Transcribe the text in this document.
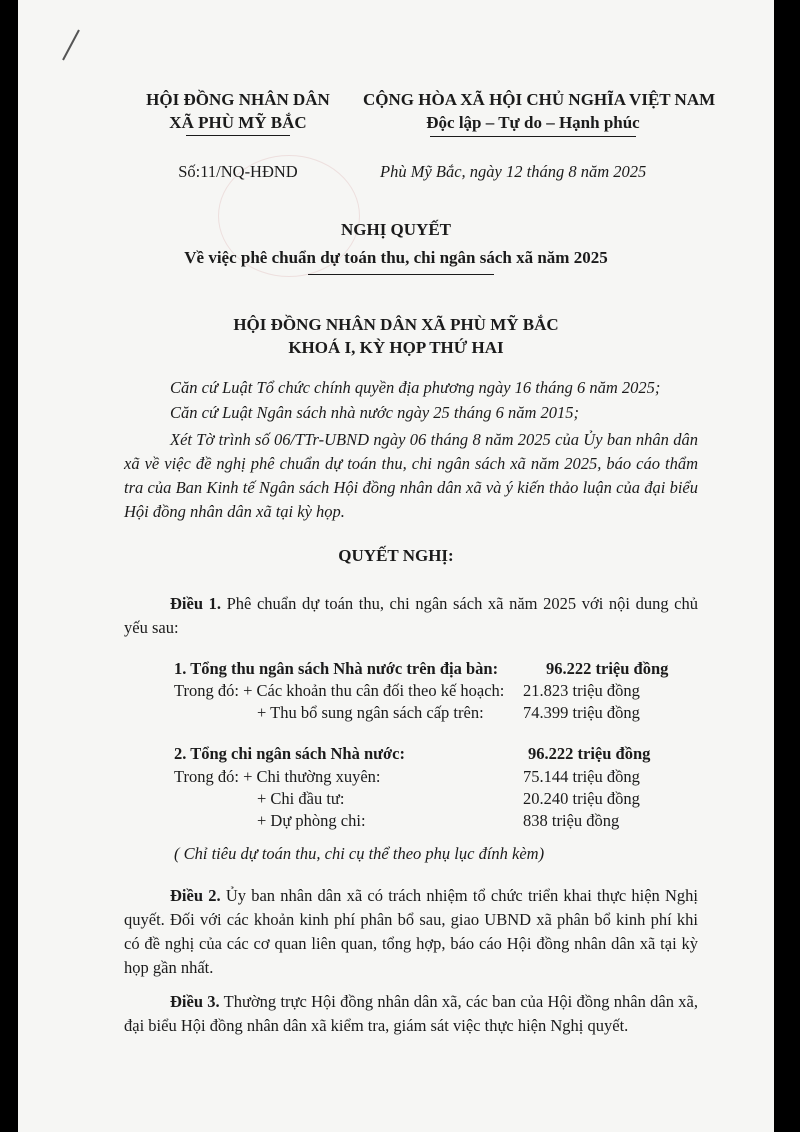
HỘI ĐỒNG NHÂN DÂN
XÃ PHÙ MỸ BẮC
CỘNG HÒA XÃ HỘI CHỦ NGHĨA VIỆT NAM
Độc lập – Tự do – Hạnh phúc
Số:11/NQ-HĐND	Phù Mỹ Bắc, ngày 12 tháng 8 năm 2025
NGHỊ QUYẾT
Về việc phê chuẩn dự toán thu, chi ngân sách xã năm 2025
HỘI ĐỒNG NHÂN DÂN XÃ PHÙ MỸ BẮC
KHOÁ I, KỲ HỌP THỨ HAI
Căn cứ Luật Tổ chức chính quyền địa phương ngày 16 tháng 6 năm 2025;
Căn cứ Luật Ngân sách nhà nước ngày 25 tháng 6 năm 2015;
Xét Tờ trình số 06/TTr-UBND ngày 06 tháng 8 năm 2025 của Ủy ban nhân dân xã về việc đề nghị phê chuẩn dự toán thu, chi ngân sách xã năm 2025, báo cáo thẩm tra của Ban Kinh tế Ngân sách Hội đồng nhân dân xã và ý kiến thảo luận của đại biểu Hội đồng nhân dân xã tại kỳ họp.
QUYẾT NGHỊ:
Điều 1. Phê chuẩn dự toán thu, chi ngân sách xã năm 2025 với nội dung chủ yếu sau:
1. Tổng thu ngân sách Nhà nước trên địa bàn:	96.222 triệu đồng
Trong đó: + Các khoản thu cân đối theo kế hoạch: 21.823 triệu đồng
+ Thu bổ sung ngân sách cấp trên: 74.399 triệu đồng
2. Tổng chi ngân sách Nhà nước:	96.222 triệu đồng
Trong đó: + Chi thường xuyên:	75.144 triệu đồng
+ Chi đầu tư:	20.240 triệu đồng
+ Dự phòng chi:	838 triệu đồng
( Chỉ tiêu dự toán thu, chi cụ thể theo phụ lục đính kèm)
Điều 2. Ủy ban nhân dân xã có trách nhiệm tổ chức triển khai thực hiện Nghị quyết. Đối với các khoản kinh phí phân bổ sau, giao UBND xã phân bổ kinh phí khi có đề nghị của các cơ quan liên quan, tổng hợp, báo cáo Hội đồng nhân dân xã tại kỳ họp gần nhất.
Điều 3. Thường trực Hội đồng nhân dân xã, các ban của Hội đồng nhân dân xã, đại biểu Hội đồng nhân dân xã kiểm tra, giám sát việc thực hiện Nghị quyết.
